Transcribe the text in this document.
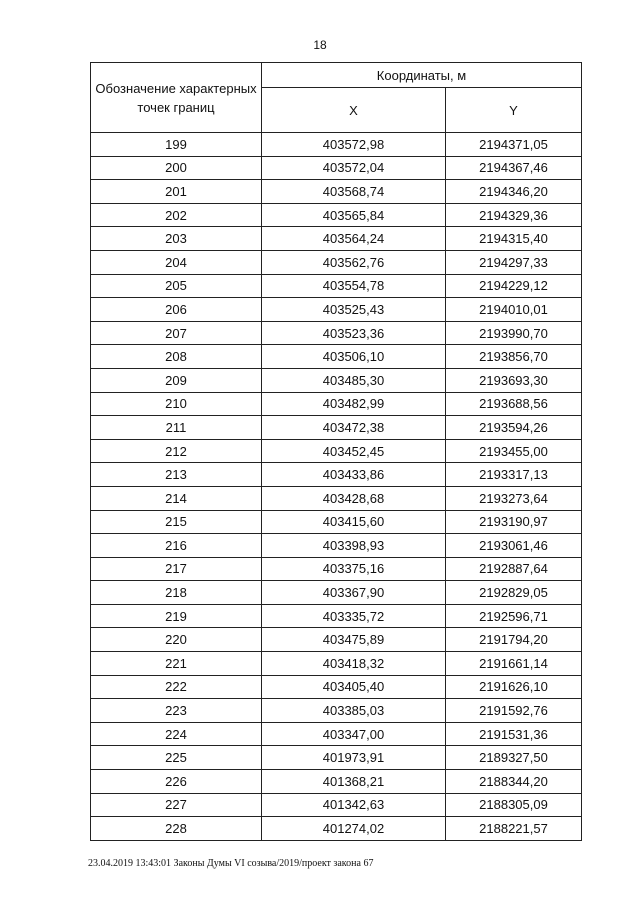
18
Обозначение характерных точек границ	Координаты, м	
	X	Y
199	403572,98	2194371,05
200	403572,04	2194367,46
201	403568,74	2194346,20
202	403565,84	2194329,36
203	403564,24	2194315,40
204	403562,76	2194297,33
205	403554,78	2194229,12
206	403525,43	2194010,01
207	403523,36	2193990,70
208	403506,10	2193856,70
209	403485,30	2193693,30
210	403482,99	2193688,56
211	403472,38	2193594,26
212	403452,45	2193455,00
213	403433,86	2193317,13
214	403428,68	2193273,64
215	403415,60	2193190,97
216	403398,93	2193061,46
217	403375,16	2192887,64
218	403367,90	2192829,05
219	403335,72	2192596,71
220	403475,89	2191794,20
221	403418,32	2191661,14
222	403405,40	2191626,10
223	403385,03	2191592,76
224	403347,00	2191531,36
225	401973,91	2189327,50
226	401368,21	2188344,20
227	401342,63	2188305,09
228	401274,02	2188221,57
23.04.2019 13:43:01 Законы Думы VI созыва/2019/проект закона 67
